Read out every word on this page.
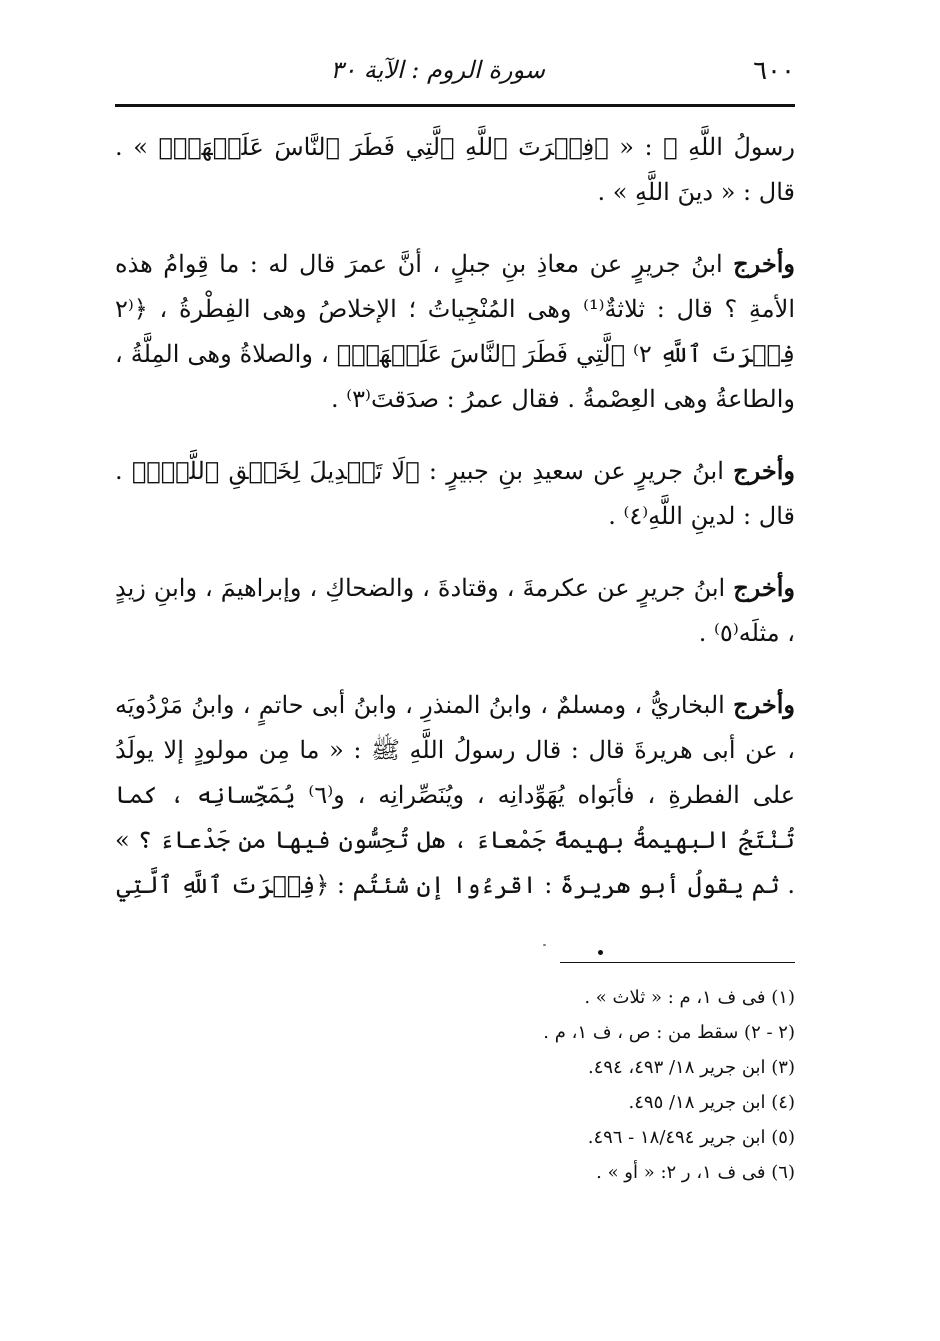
٦٠٠
سورة الروم : الآية ٣٠

رسولُ اللَّهِ ﷺ : « ﴿فِطۡرَتَ ٱللَّهِ ٱلَّتِي فَطَرَ ٱلنَّاسَ عَلَيۡهَاۚ﴾ » . قال : « دينَ اللَّهِ » .

وأخرج ابنُ جريرٍ عن معاذِ بنِ جبلٍ ، أنَّ عمرَ قال له : ما قِوامُ هذه الأمةِ ؟ قال : ثلاثةٌ⁽¹⁾ وهى المُنْجِياتُ ؛ الإخلاصُ وهى الفِطْرةُ ، ﴿⁽٢ فِطۡرَتَ ٱللَّهِ ٢⁾ ٱلَّتِي فَطَرَ ٱلنَّاسَ عَلَيۡهَاۚ﴾ ، والصلاةُ وهى المِلَّةُ ، والطاعةُ وهى العِصْمةُ . فقال عمرُ : صدَقتَ⁽٣⁾ .

وأخرج ابنُ جريرٍ عن سعيدِ بنِ جبيرٍ : ﴿لَا تَبۡدِيلَ لِخَلۡقِ ٱللَّهِۚ﴾ . قال : لدينِ اللَّهِ⁽٤⁾ .

وأخرج ابنُ جريرٍ عن عكرمةَ ، وقتادةَ ، والضحاكِ ، وإبراهيمَ ، وابنِ زيدٍ ، مثلَه⁽٥⁾ .

وأخرج البخاريُّ ، ومسلمٌ ، وابنُ المنذرِ ، وابنُ أبى حاتمٍ ، وابنُ مَرْدُويَه ، عن أبى هريرةَ قال : قال رسولُ اللَّهِ ﷺ : « ما مِن مولودٍ إلا يولَدُ على الفطرةِ ، فأبَواه يُهَوِّدانِه ، ويُنَصِّرانِه ، و⁽٦⁾ يُمَجِّسانِه ، كما تُنْتَجُ البهيمةُ بهيمةً جَمْعاءَ ، هل تُحِسُّون فيها من جَدْعاءَ ؟ » . ثم يقولُ أبو هريرةَ : اقرءُوا إن شئتُم : ﴿فِطۡرَتَ ٱللَّهِ ٱلَّتِي

(١) فى ف ١، م : « ثلاث » .
(٢ - ٢) سقط من : ص ، ف ١، م .
(٣) ابن جرير ١٨/ ٤٩٣، ٤٩٤.
(٤) ابن جرير ١٨/ ٤٩٥.
(٥) ابن جرير ١٨/٤٩٤ - ٤٩٦.
(٦) فى ف ١، ر ٢: « أو » .
